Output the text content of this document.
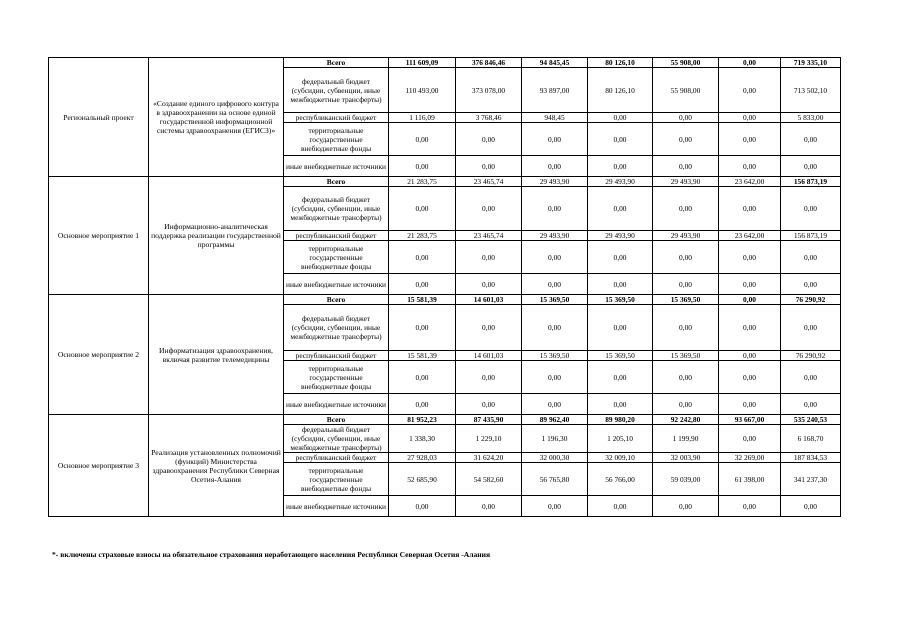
Региональный проект	«Создание единого цифрового контура в здравоохранении на основе единой государственной информационной системы здравоохранения (ЕГИСЗ)»	Всего	111 609,09	376 846,46	94 845,45	80 126,10	55 908,00	0,00	719 335,10
		федеральный бюджет (субсидии, субвенции, иные межбюджетные трансферты)	110 493,00	373 078,00	93 897,00	80 126,10	55 908,00	0,00	713 502,10
		республиканский бюджет	1 116,09	3 768,46	948,45	0,00	0,00	0,00	5 833,00
		территориальные государственные внебюджетные фонды	0,00	0,00	0,00	0,00	0,00	0,00	0,00
		иные внебюджетные источники	0,00	0,00	0,00	0,00	0,00	0,00	0,00
Основное мероприятие 1	Информационно-аналитическая поддержка реализации государственной программы	Всего	21 283,75	23 465,74	29 493,90	29 493,90	29 493,90	23 642,00	156 873,19
		федеральный бюджет (субсидии, субвенции, иные межбюджетные трансферты)	0,00	0,00	0,00	0,00	0,00	0,00	0,00
		республиканский бюджет	21 283,75	23 465,74	29 493,90	29 493,90	29 493,90	23 642,00	156 873,19
		территориальные государственные внебюджетные фонды	0,00	0,00	0,00	0,00	0,00	0,00	0,00
		иные внебюджетные источники	0,00	0,00	0,00	0,00	0,00	0,00	0,00
Основное мероприятие 2	Информатизация здравоохранения, включая развитие телемедицины	Всего	15 581,39	14 601,03	15 369,50	15 369,50	15 369,50	0,00	76 290,92
		федеральный бюджет (субсидии, субвенции, иные межбюджетные трансферты)	0,00	0,00	0,00	0,00	0,00	0,00	0,00
		республиканский бюджет	15 581,39	14 601,03	15 369,50	15 369,50	15 369,50	0,00	76 290,92
		территориальные государственные внебюджетные фонды	0,00	0,00	0,00	0,00	0,00	0,00	0,00
		иные внебюджетные источники	0,00	0,00	0,00	0,00	0,00	0,00	0,00
Основное мероприятие 3	Реализация установленных полномочий (функций) Министерства здравоохранения Республики Северная Осетия-Алания	Всего	81 952,23	87 435,90	89 962,40	89 980,20	92 242,80	93 667,00	535 240,53
		федеральный бюджет (субсидии, субвенции, иные межбюджетные трансферты)	1 338,30	1 229,10	1 196,30	1 205,10	1 199,90	0,00	6 168,70
		республиканский бюджет	27 928,03	31 624,20	32 000,30	32 009,10	32 003,90	32 269,00	187 834,53
		территориальные государственные внебюджетные фонды	52 685,90	54 582,60	56 765,80	56 766,00	59 039,00	61 398,00	341 237,30
		иные внебюджетные источники	0,00	0,00	0,00	0,00	0,00	0,00	0,00
*- включены страховые взносы на обязательное страхования неработающего населения Республики Северная Осетия -Алания
